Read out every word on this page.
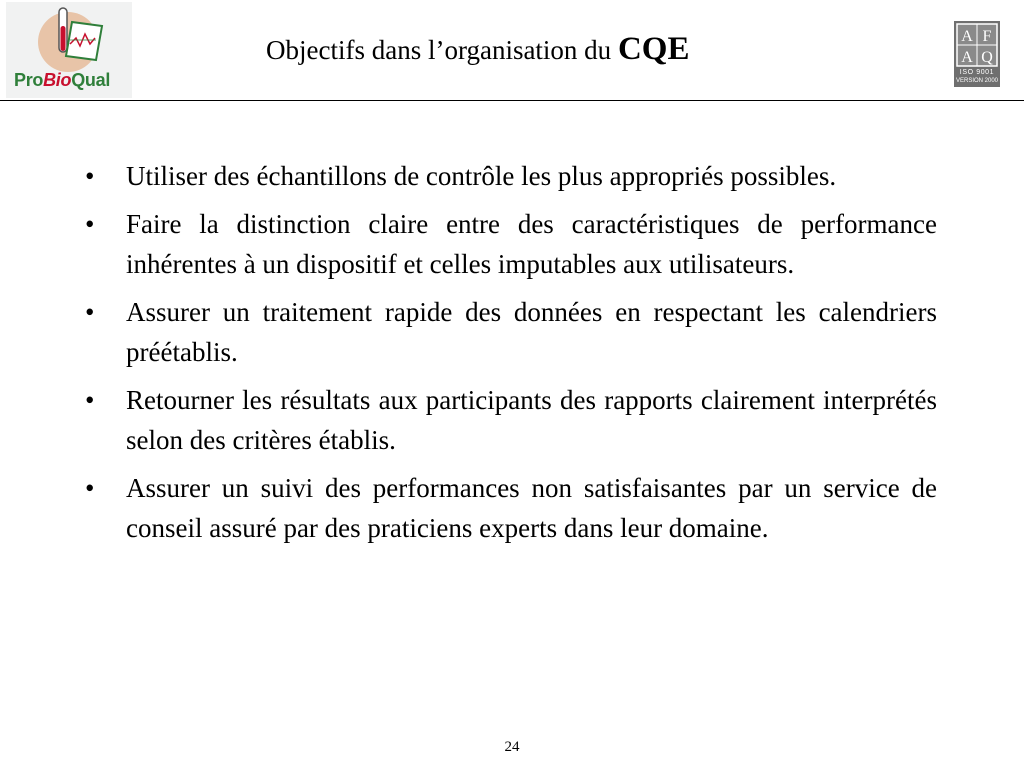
ProBioQual
Objectifs dans l’organisation du CQE	A F
A Q
ISO 9001
VERSION 2000
• Utiliser des échantillons de contrôle les plus appropriés possibles.
• Faire la distinction claire entre des caractéristiques de performance inhérentes à un dispositif et celles imputables aux utilisateurs.
• Assurer un traitement rapide des données en respectant les calendriers préétablis.
• Retourner les résultats aux participants des rapports clairement interprétés selon des critères établis.
• Assurer un suivi des performances non satisfaisantes par un service de conseil assuré par des praticiens experts dans leur domaine.
24
